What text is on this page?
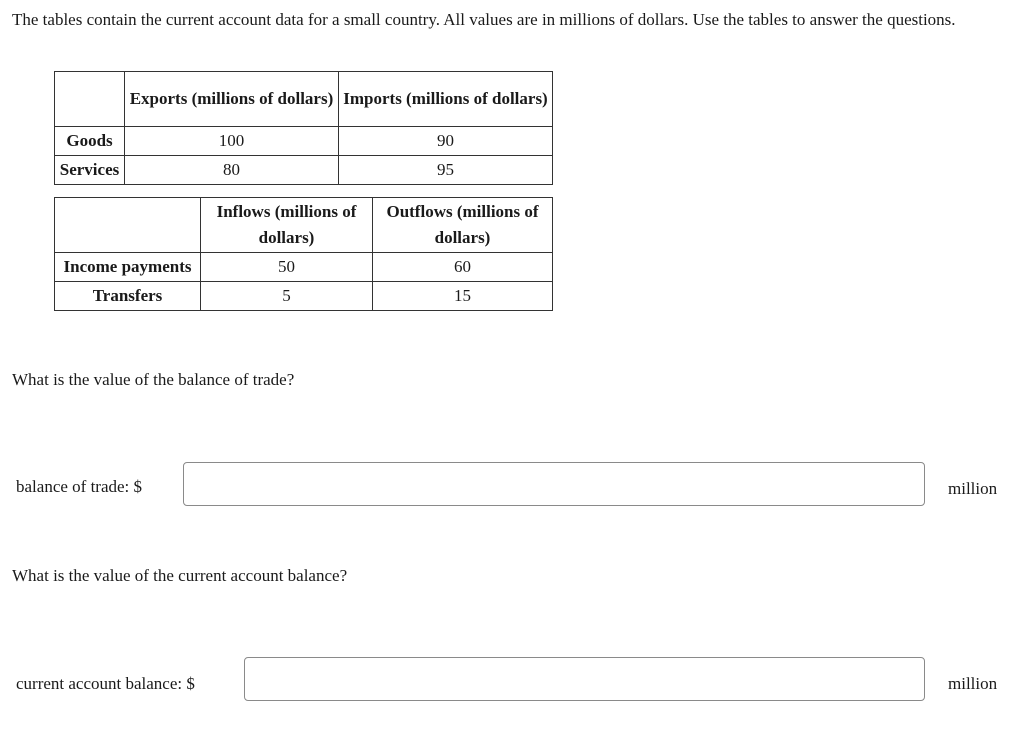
The tables contain the current account data for a small country. All values are in millions of dollars. Use the tables to answer the questions.

	Exports (millions of dollars)	Imports (millions of dollars)
Goods	100	90
Services	80	95
	Inflows (millions of dollars)	Outflows (millions of dollars)
Income payments	50	60
Transfers	5	15

What is the value of the balance of trade?

balance of trade: $	million

What is the value of the current account balance?

current account balance: $	million
